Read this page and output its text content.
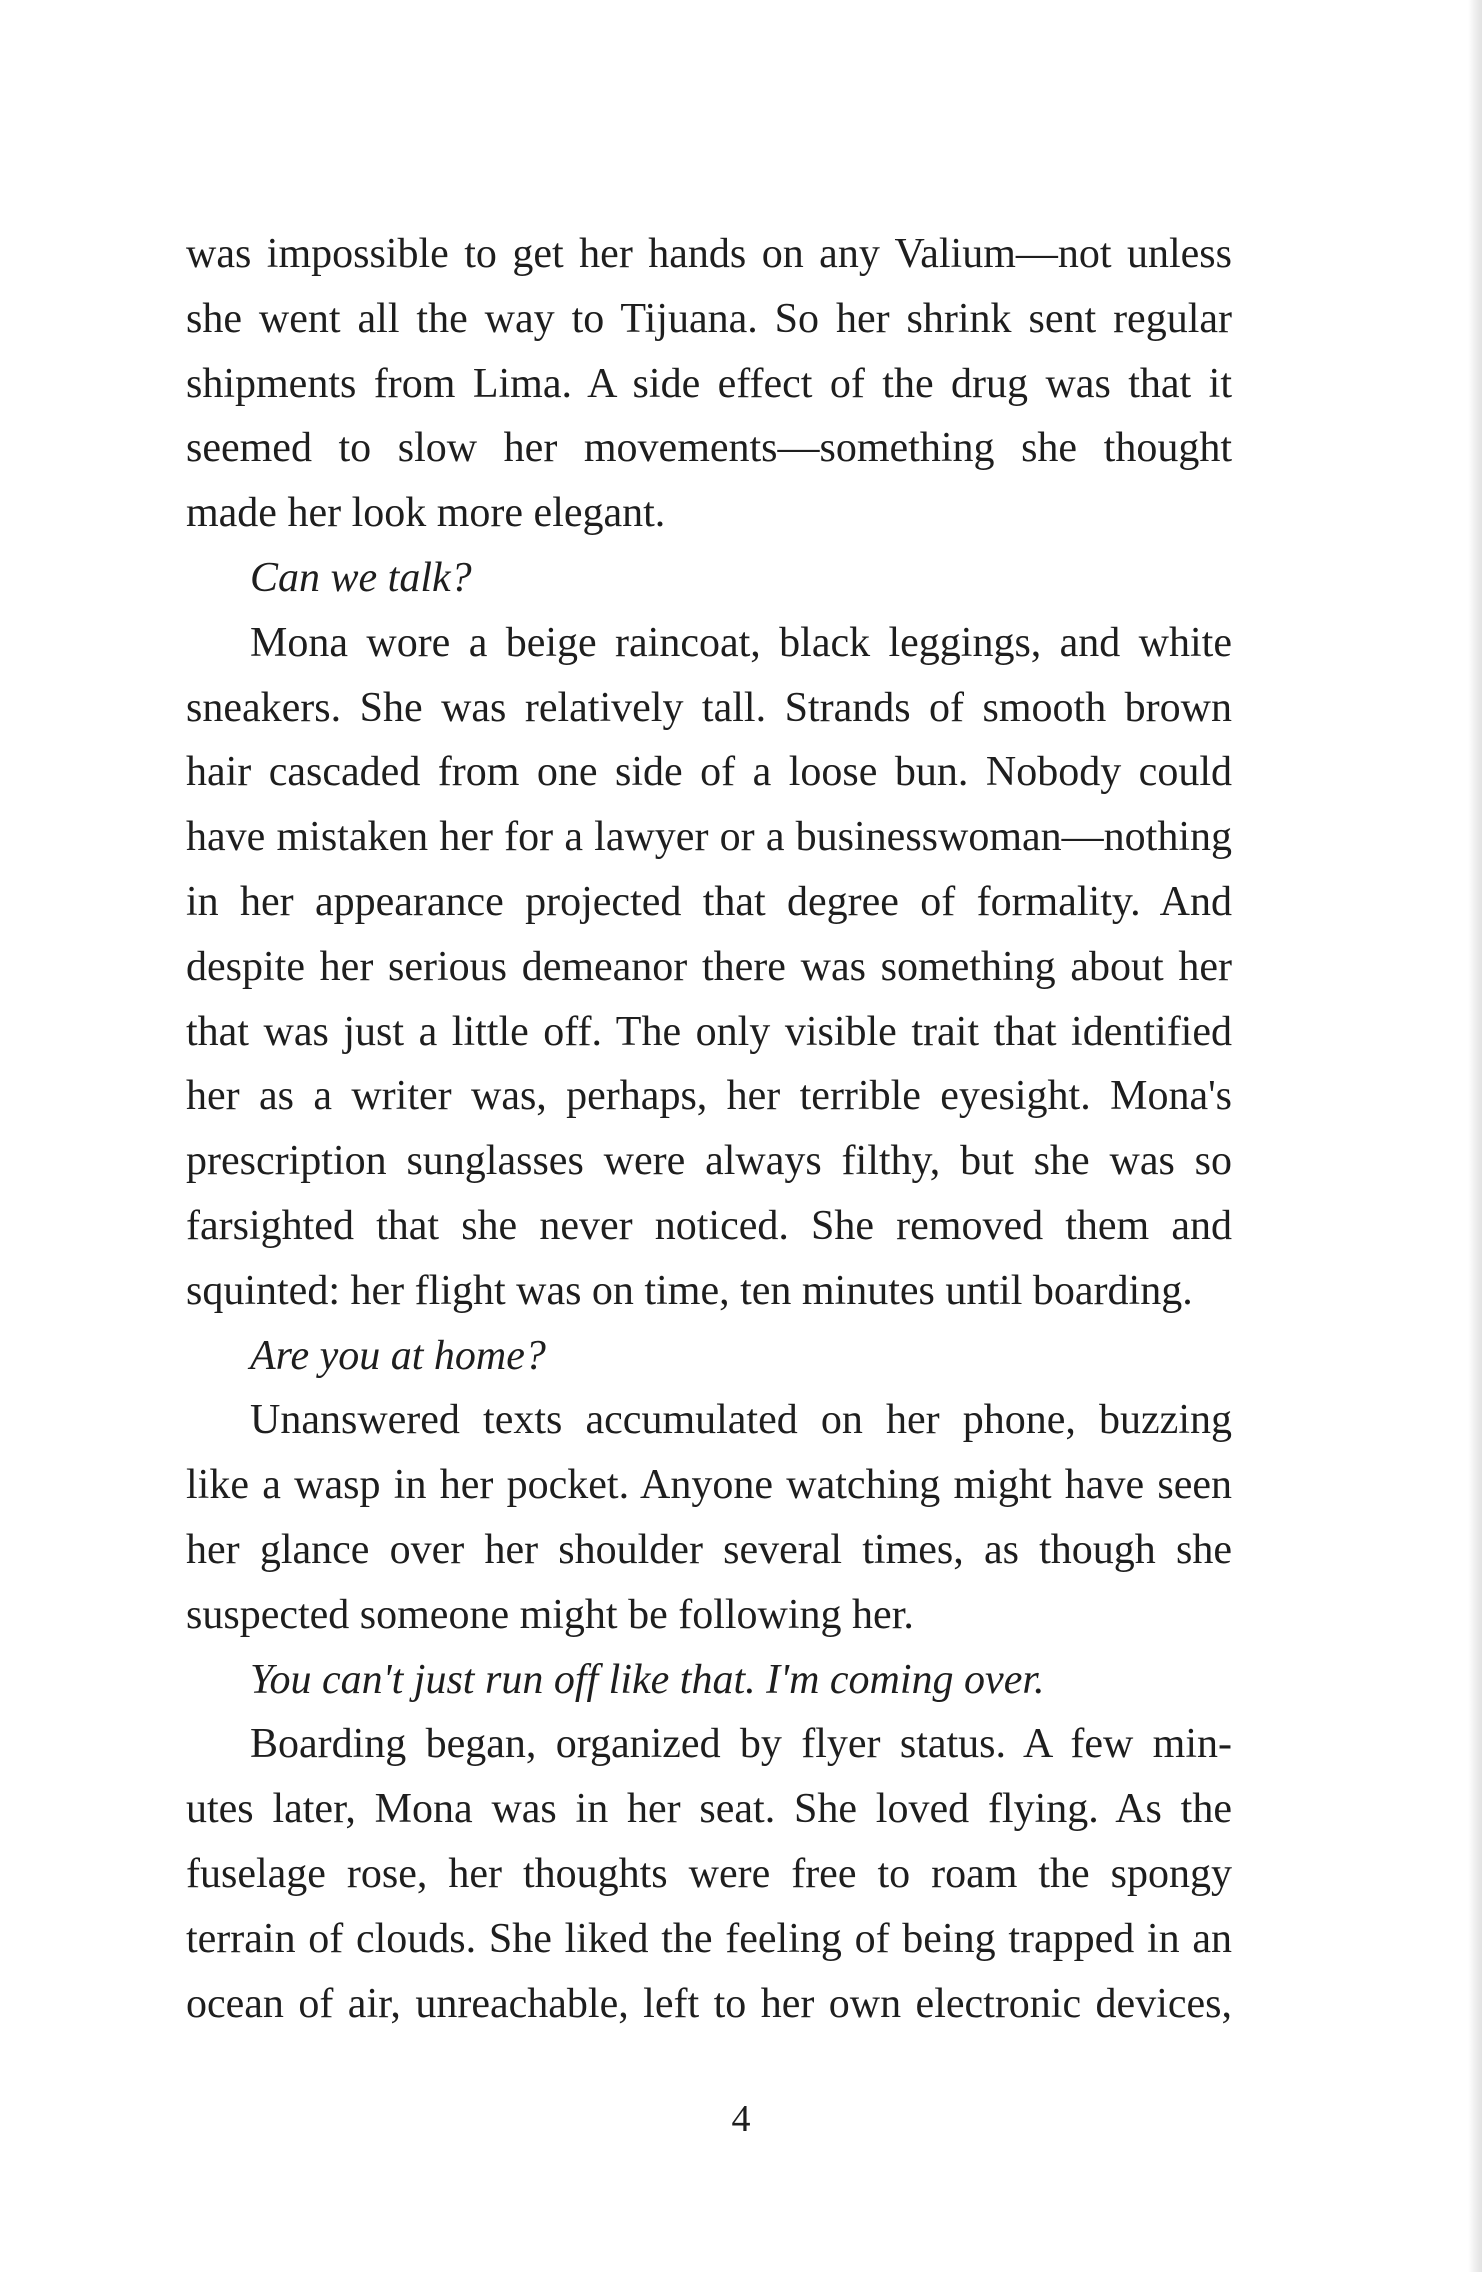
was impossible to get her hands on any Valium—not unless
she went all the way to Tijuana. So her shrink sent regular
shipments from Lima. A side effect of the drug was that it
seemed to slow her movements—something she thought
made her look more elegant.
Can we talk?
Mona wore a beige raincoat, black leggings, and white
sneakers. She was relatively tall. Strands of smooth brown
hair cascaded from one side of a loose bun. Nobody could
have mistaken her for a lawyer or a businesswoman—nothing
in her appearance projected that degree of formality. And
despite her serious demeanor there was something about her
that was just a little off. The only visible trait that identified
her as a writer was, perhaps, her terrible eyesight. Mona's
prescription sunglasses were always filthy, but she was so
farsighted that she never noticed. She removed them and
squinted: her flight was on time, ten minutes until boarding.
Are you at home?
Unanswered texts accumulated on her phone, buzzing
like a wasp in her pocket. Anyone watching might have seen
her glance over her shoulder several times, as though she
suspected someone might be following her.
You can't just run off like that. I'm coming over.
Boarding began, organized by flyer status. A few min-
utes later, Mona was in her seat. She loved flying. As the
fuselage rose, her thoughts were free to roam the spongy
terrain of clouds. She liked the feeling of being trapped in an
ocean of air, unreachable, left to her own electronic devices,
4
